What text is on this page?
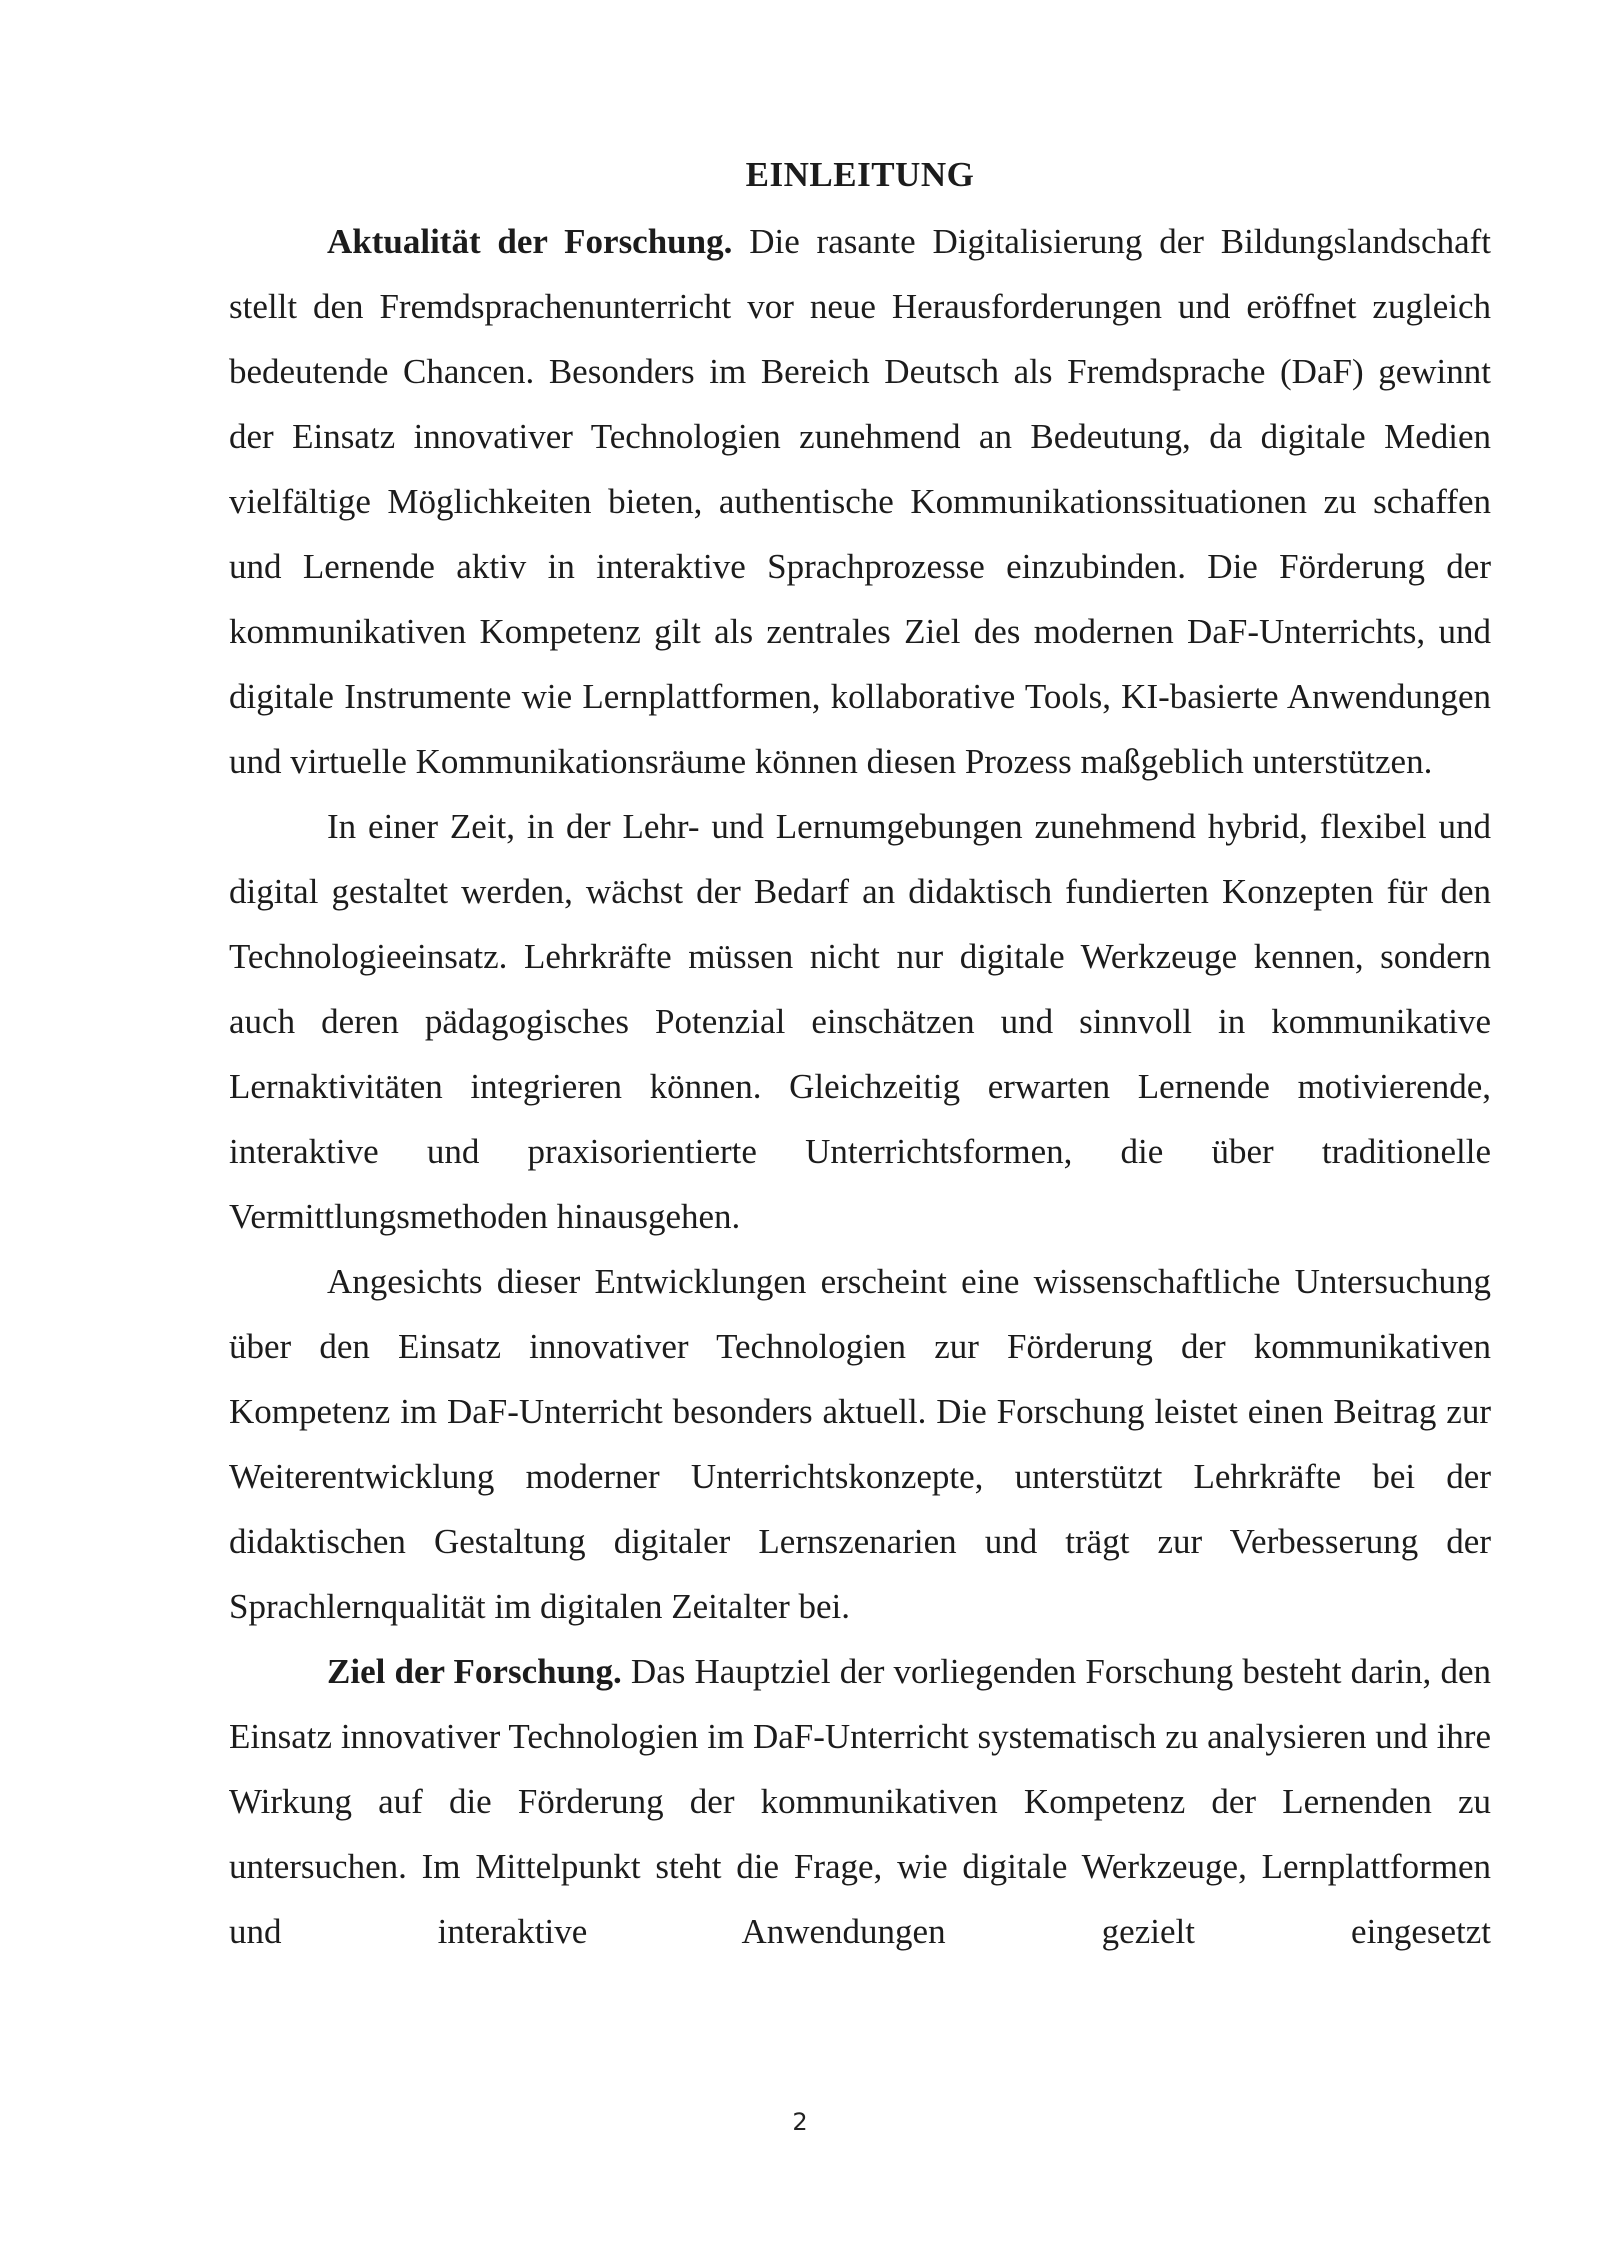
EINLEITUNG

Aktualität der Forschung. Die rasante Digitalisierung der Bildungslandschaft stellt den Fremdsprachenunterricht vor neue Herausforderungen und eröffnet zugleich bedeutende Chancen. Besonders im Bereich Deutsch als Fremdsprache (DaF) gewinnt der Einsatz innovativer Technologien zunehmend an Bedeutung, da digitale Medien vielfältige Möglichkeiten bieten, authentische Kommunikationssituationen zu schaffen und Lernende aktiv in interaktive Sprachprozesse einzubinden. Die Förderung der kommunikativen Kompetenz gilt als zentrales Ziel des modernen DaF-Unterrichts, und digitale Instrumente wie Lernplattformen, kollaborative Tools, KI-basierte Anwendungen und virtuelle Kommunikationsräume können diesen Prozess maßgeblich unterstützen.

In einer Zeit, in der Lehr- und Lernumgebungen zunehmend hybrid, flexibel und digital gestaltet werden, wächst der Bedarf an didaktisch fundierten Konzepten für den Technologieeinsatz. Lehrkräfte müssen nicht nur digitale Werkzeuge kennen, sondern auch deren pädagogisches Potenzial einschätzen und sinnvoll in kommunikative Lernaktivitäten integrieren können. Gleichzeitig erwarten Lernende motivierende, interaktive und praxisorientierte Unterrichtsformen, die über traditionelle Vermittlungsmethoden hinausgehen.

Angesichts dieser Entwicklungen erscheint eine wissenschaftliche Untersuchung über den Einsatz innovativer Technologien zur Förderung der kommunikativen Kompetenz im DaF-Unterricht besonders aktuell. Die Forschung leistet einen Beitrag zur Weiterentwicklung moderner Unterrichtskonzepte, unterstützt Lehrkräfte bei der didaktischen Gestaltung digitaler Lernszenarien und trägt zur Verbesserung der Sprachlernqualität im digitalen Zeitalter bei.

Ziel der Forschung. Das Hauptziel der vorliegenden Forschung besteht darin, den Einsatz innovativer Technologien im DaF-Unterricht systematisch zu analysieren und ihre Wirkung auf die Förderung der kommunikativen Kompetenz der Lernenden zu untersuchen. Im Mittelpunkt steht die Frage, wie digitale Werkzeuge, Lernplattformen und interaktive Anwendungen gezielt eingesetzt

2
